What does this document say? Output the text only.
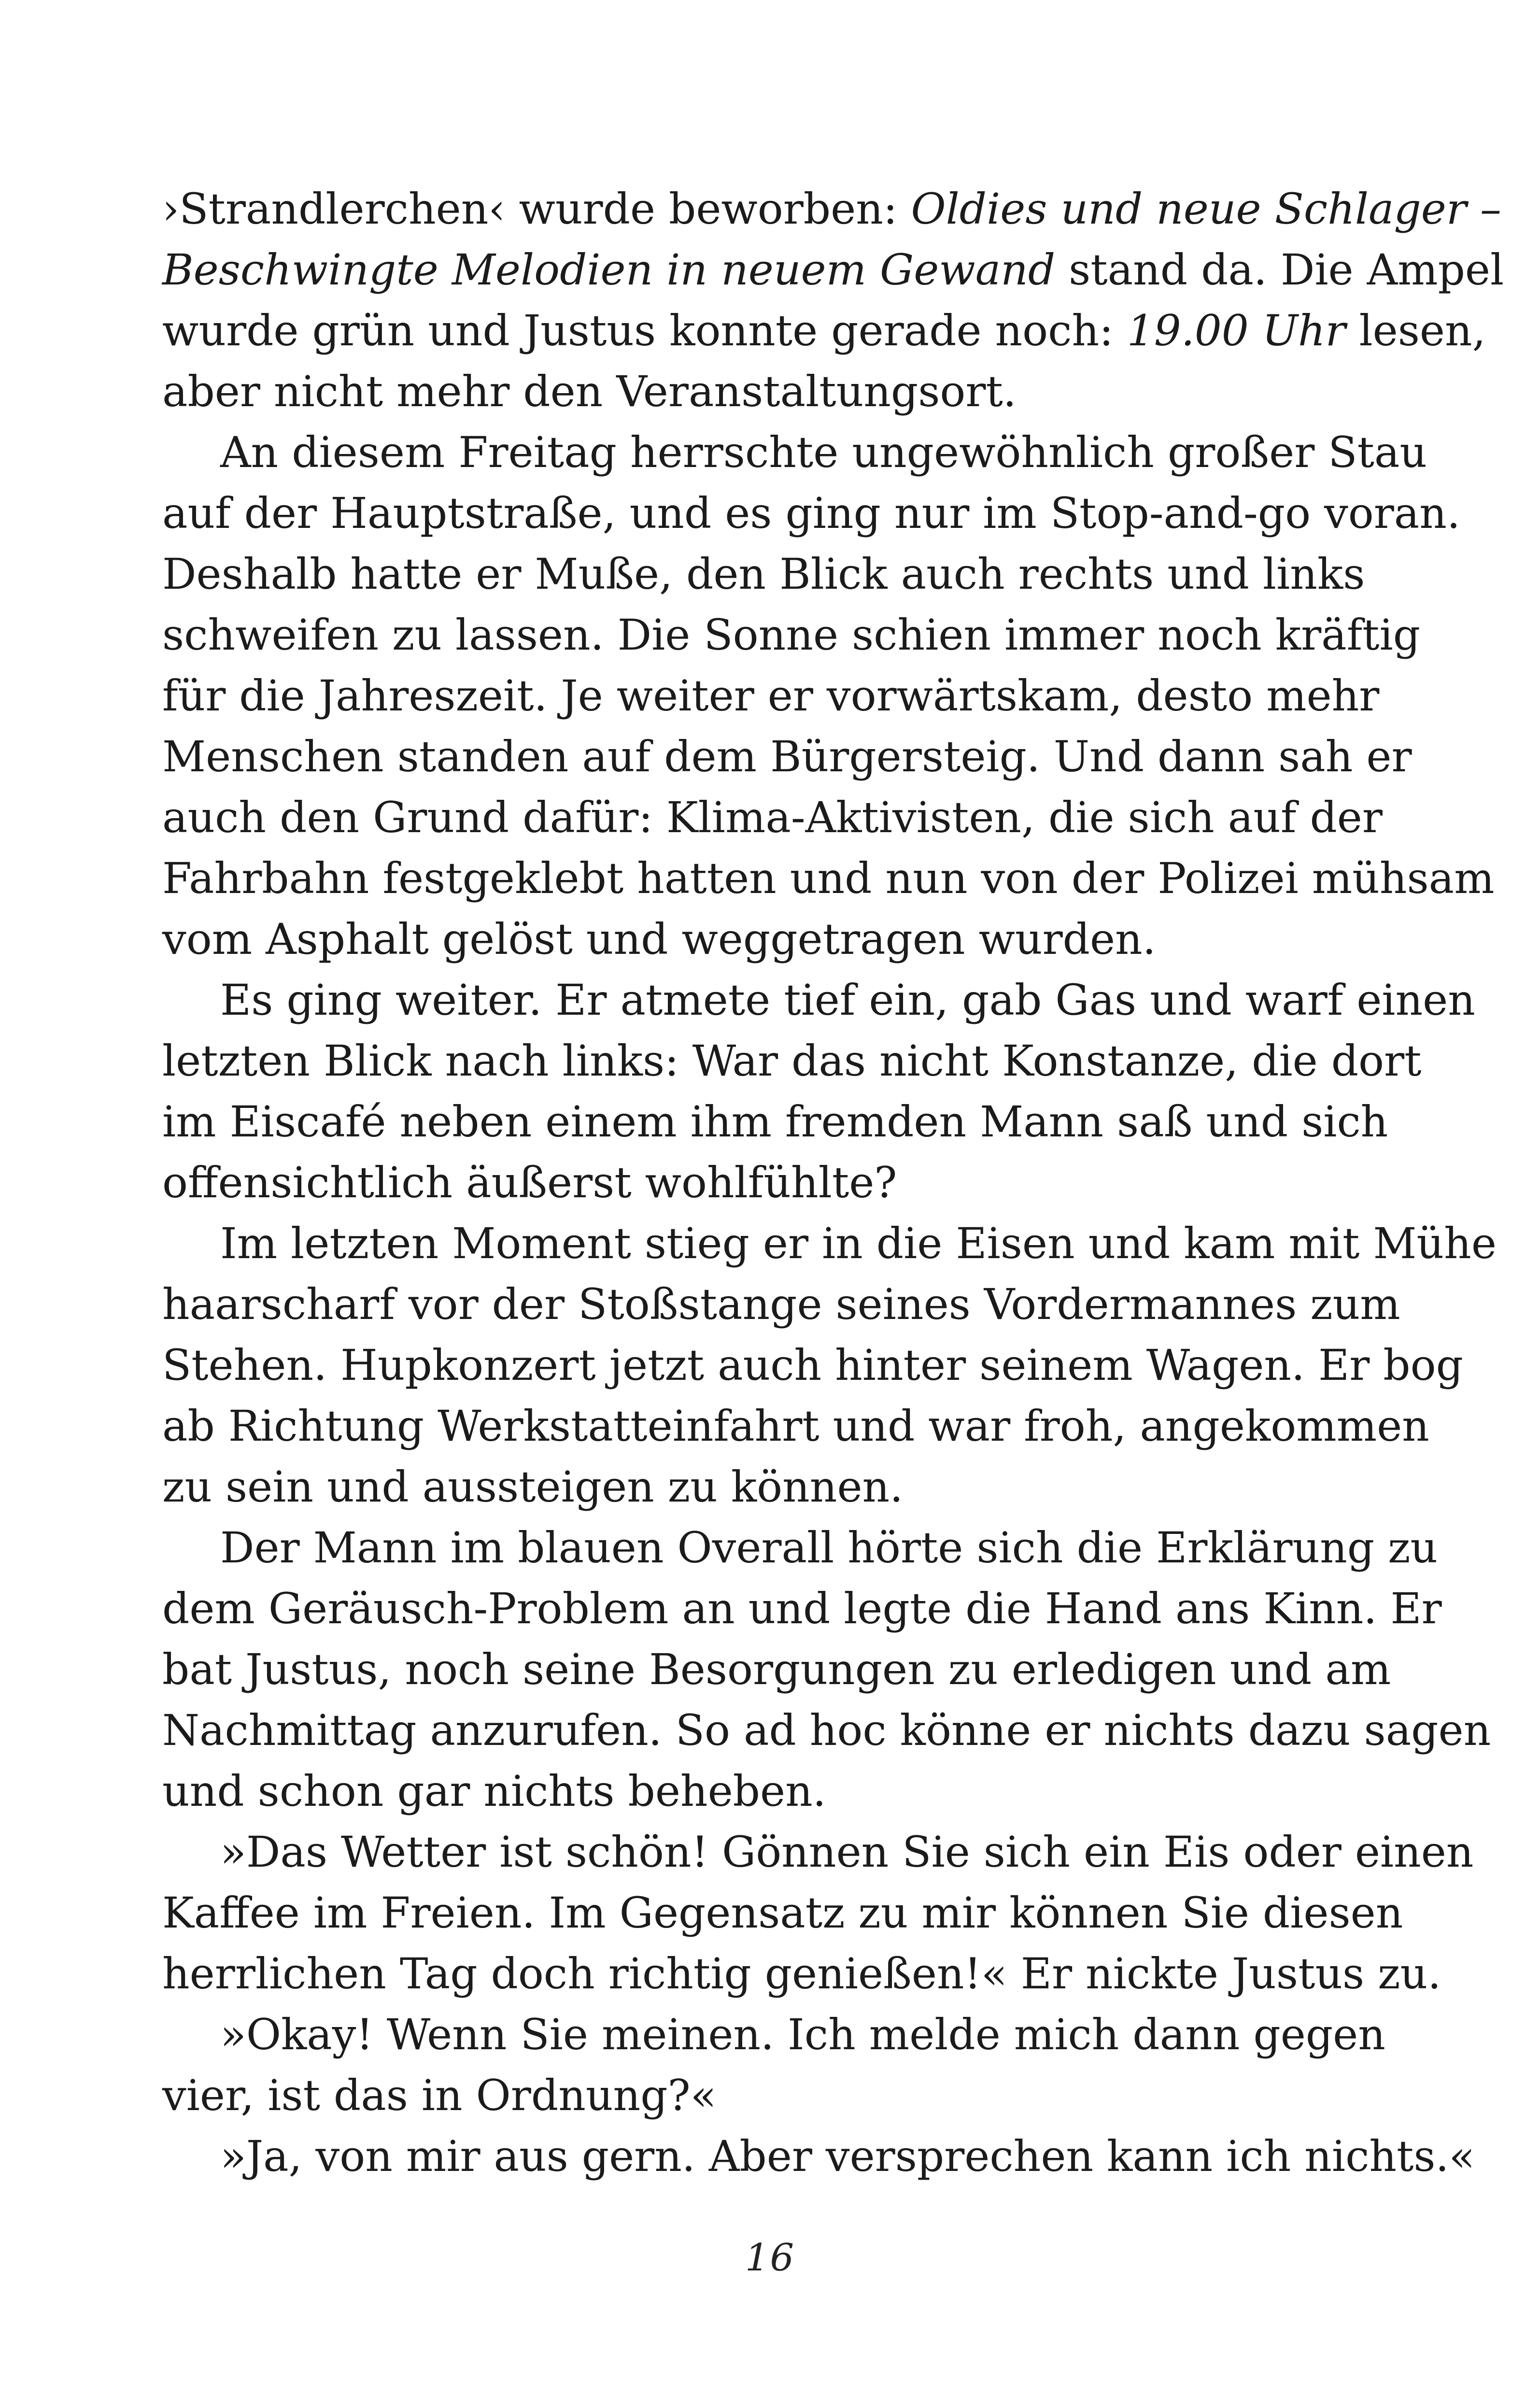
›Strandlerchen‹ wurde beworben: Oldies und neue Schlager –
Beschwingte Melodien in neuem Gewand stand da. Die Ampel
wurde grün und Justus konnte gerade noch: 19.00 Uhr lesen,
aber nicht mehr den Veranstaltungsort.
An diesem Freitag herrschte ungewöhnlich großer Stau
auf der Hauptstraße, und es ging nur im Stop-and-go voran.
Deshalb hatte er Muße, den Blick auch rechts und links
schweifen zu lassen. Die Sonne schien immer noch kräftig
für die Jahreszeit. Je weiter er vorwärtskam, desto mehr
Menschen standen auf dem Bürgersteig. Und dann sah er
auch den Grund dafür: Klima-Aktivisten, die sich auf der
Fahrbahn festgeklebt hatten und nun von der Polizei mühsam
vom Asphalt gelöst und weggetragen wurden.
Es ging weiter. Er atmete tief ein, gab Gas und warf einen
letzten Blick nach links: War das nicht Konstanze, die dort
im Eiscafé neben einem ihm fremden Mann saß und sich
offensichtlich äußerst wohlfühlte?
Im letzten Moment stieg er in die Eisen und kam mit Mühe
haarscharf vor der Stoßstange seines Vordermannes zum
Stehen. Hupkonzert jetzt auch hinter seinem Wagen. Er bog
ab Richtung Werkstatteinfahrt und war froh, angekommen
zu sein und aussteigen zu können.
Der Mann im blauen Overall hörte sich die Erklärung zu
dem Geräusch-Problem an und legte die Hand ans Kinn. Er
bat Justus, noch seine Besorgungen zu erledigen und am
Nachmittag anzurufen. So ad hoc könne er nichts dazu sagen
und schon gar nichts beheben.
»Das Wetter ist schön! Gönnen Sie sich ein Eis oder einen
Kaffee im Freien. Im Gegensatz zu mir können Sie diesen
herrlichen Tag doch richtig genießen!« Er nickte Justus zu.
»Okay! Wenn Sie meinen. Ich melde mich dann gegen
vier, ist das in Ordnung?«
»Ja, von mir aus gern. Aber versprechen kann ich nichts.«
16
